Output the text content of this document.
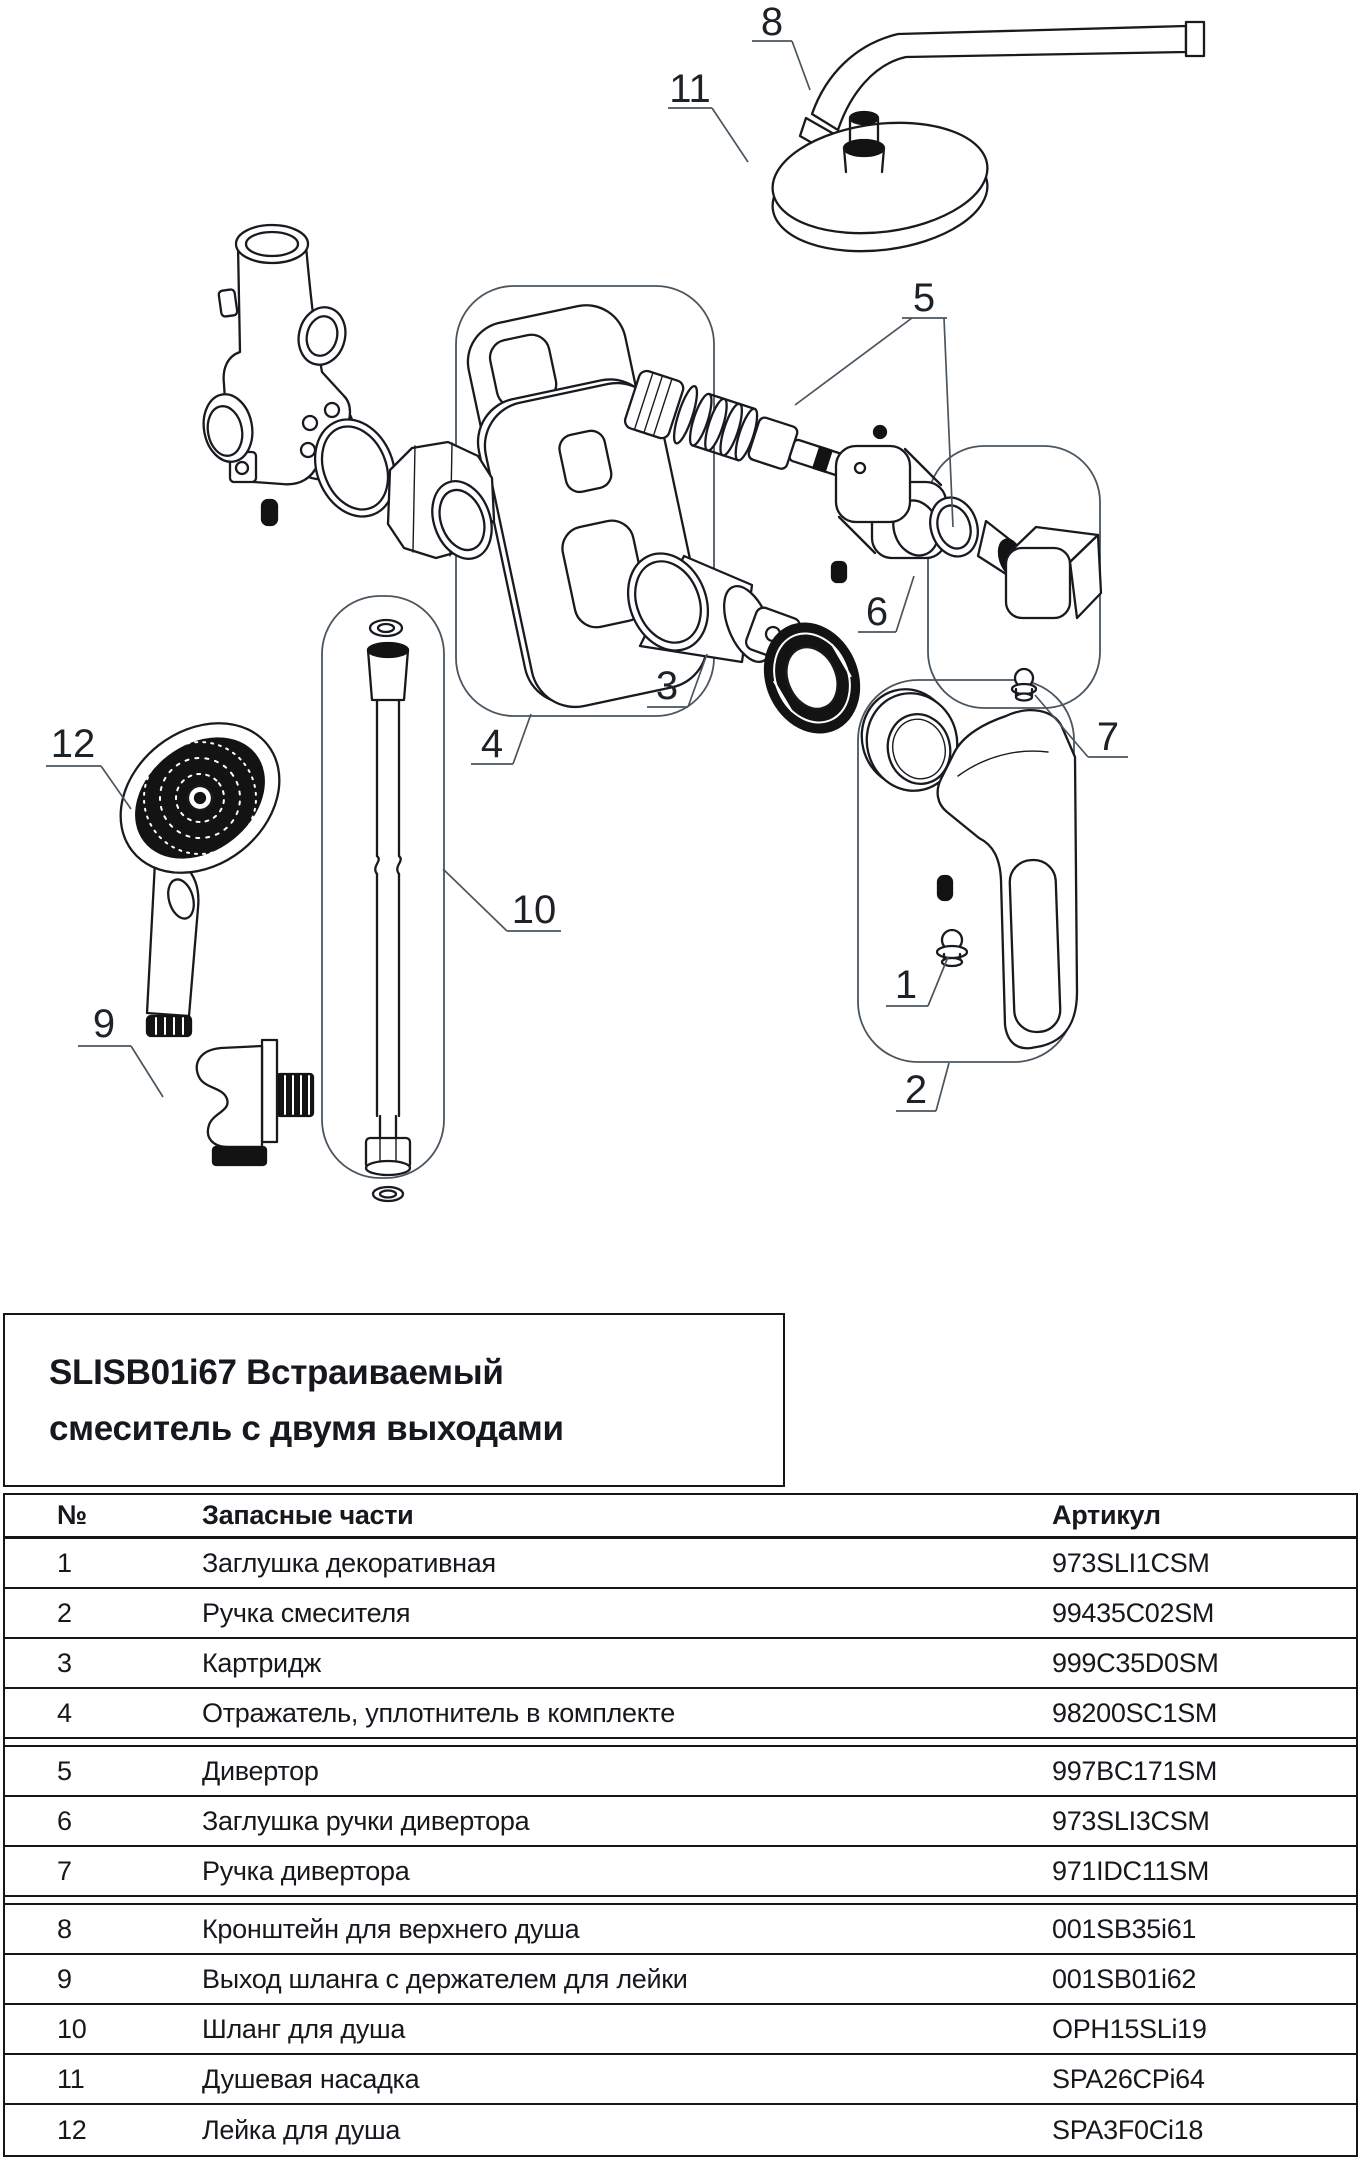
8
11
5
6
7
3
4
2
1
10
12
9
SLISB01i67 Встраиваемый
смеситель с двумя выходами
№	Запасные части	Артикул
1	Заглушка декоративная	973SLI1CSM
2	Ручка смесителя	99435C02SM
3	Картридж	999C35D0SM
4	Отражатель, уплотнитель в комплекте	98200SC1SM
5	Дивертор	997BC171SM
6	Заглушка ручки дивертора	973SLI3CSM
7	Ручка дивертора	971IDC11SM
8	Кронштейн для верхнего душа	001SB35i61
9	Выход шланга с держателем для лейки	001SB01i62
10	Шланг для душа	OPH15SLi19
11	Душевая насадка	SPA26CPi64
12	Лейка для душа	SPA3F0Ci18
